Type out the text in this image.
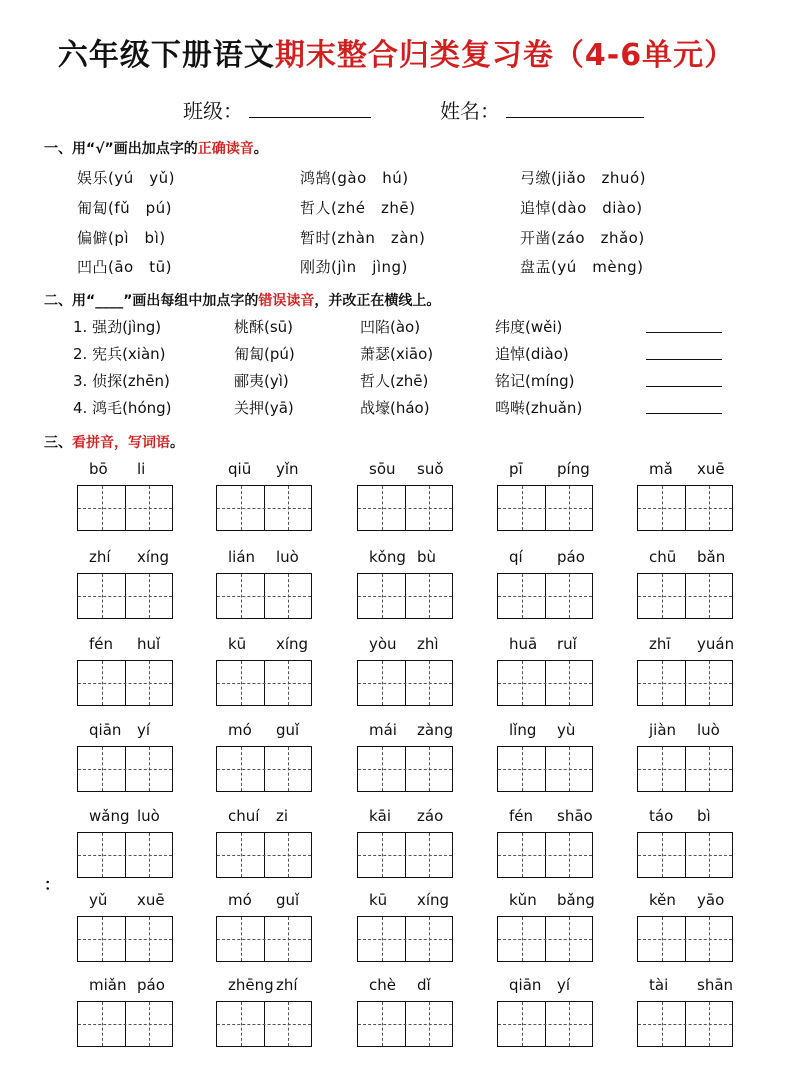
六年级下册语文期末整合归类复习卷（4-6单元）
班级：	姓名：
一、用“√”画出加点字的正确读音。
娱乐(yú　yǔ)	鸿鹄(gào　hú)	弓缴(jiǎo　zhuó)
匍匐(fǔ　pú)	哲人(zhé　zhē)	追悼(dào　diào)
偏僻(pì　bì)	暂时(zhàn　zàn)	开凿(záo　zhǎo)
凹凸(āo　tū)	刚劲(jìn　jìng)	盘盂(yú　mèng)
二、用“____”画出每组中加点字的错误读音，并改正在横线上。
1. 强劲(jìng)	桃酥(sū)	凹陷(ào)	纬度(wěi)
2. 宪兵(xiàn)	匍匐(pú)	萧瑟(xiāo)	追悼(diào)
3. 侦探(zhēn)	郦夷(yì)	哲人(zhē)	铭记(míng)
4. 鸿毛(hóng)	关押(yā)	战壕(háo)	鸣啭(zhuǎn)
三、看拼音，写词语。
bō li	qiū yǐn	sōu suǒ	pī píng	mǎ xuē
zhí xíng	lián luò	kǒng bù	qí páo	chū bǎn
fén huǐ	kū xíng	yòu zhì	huā ruǐ	zhī yuán
qiān yí	mó guǐ	mái zàng	lǐng yù	jiàn luò
wǎng luò	chuí zi	kāi záo	fén shāo	táo bì
yǔ xuē	mó guǐ	kū xíng	kǔn bǎng	kěn yāo
miǎn páo	zhēng zhí	chè dǐ	qiān yí	tài shān
：
